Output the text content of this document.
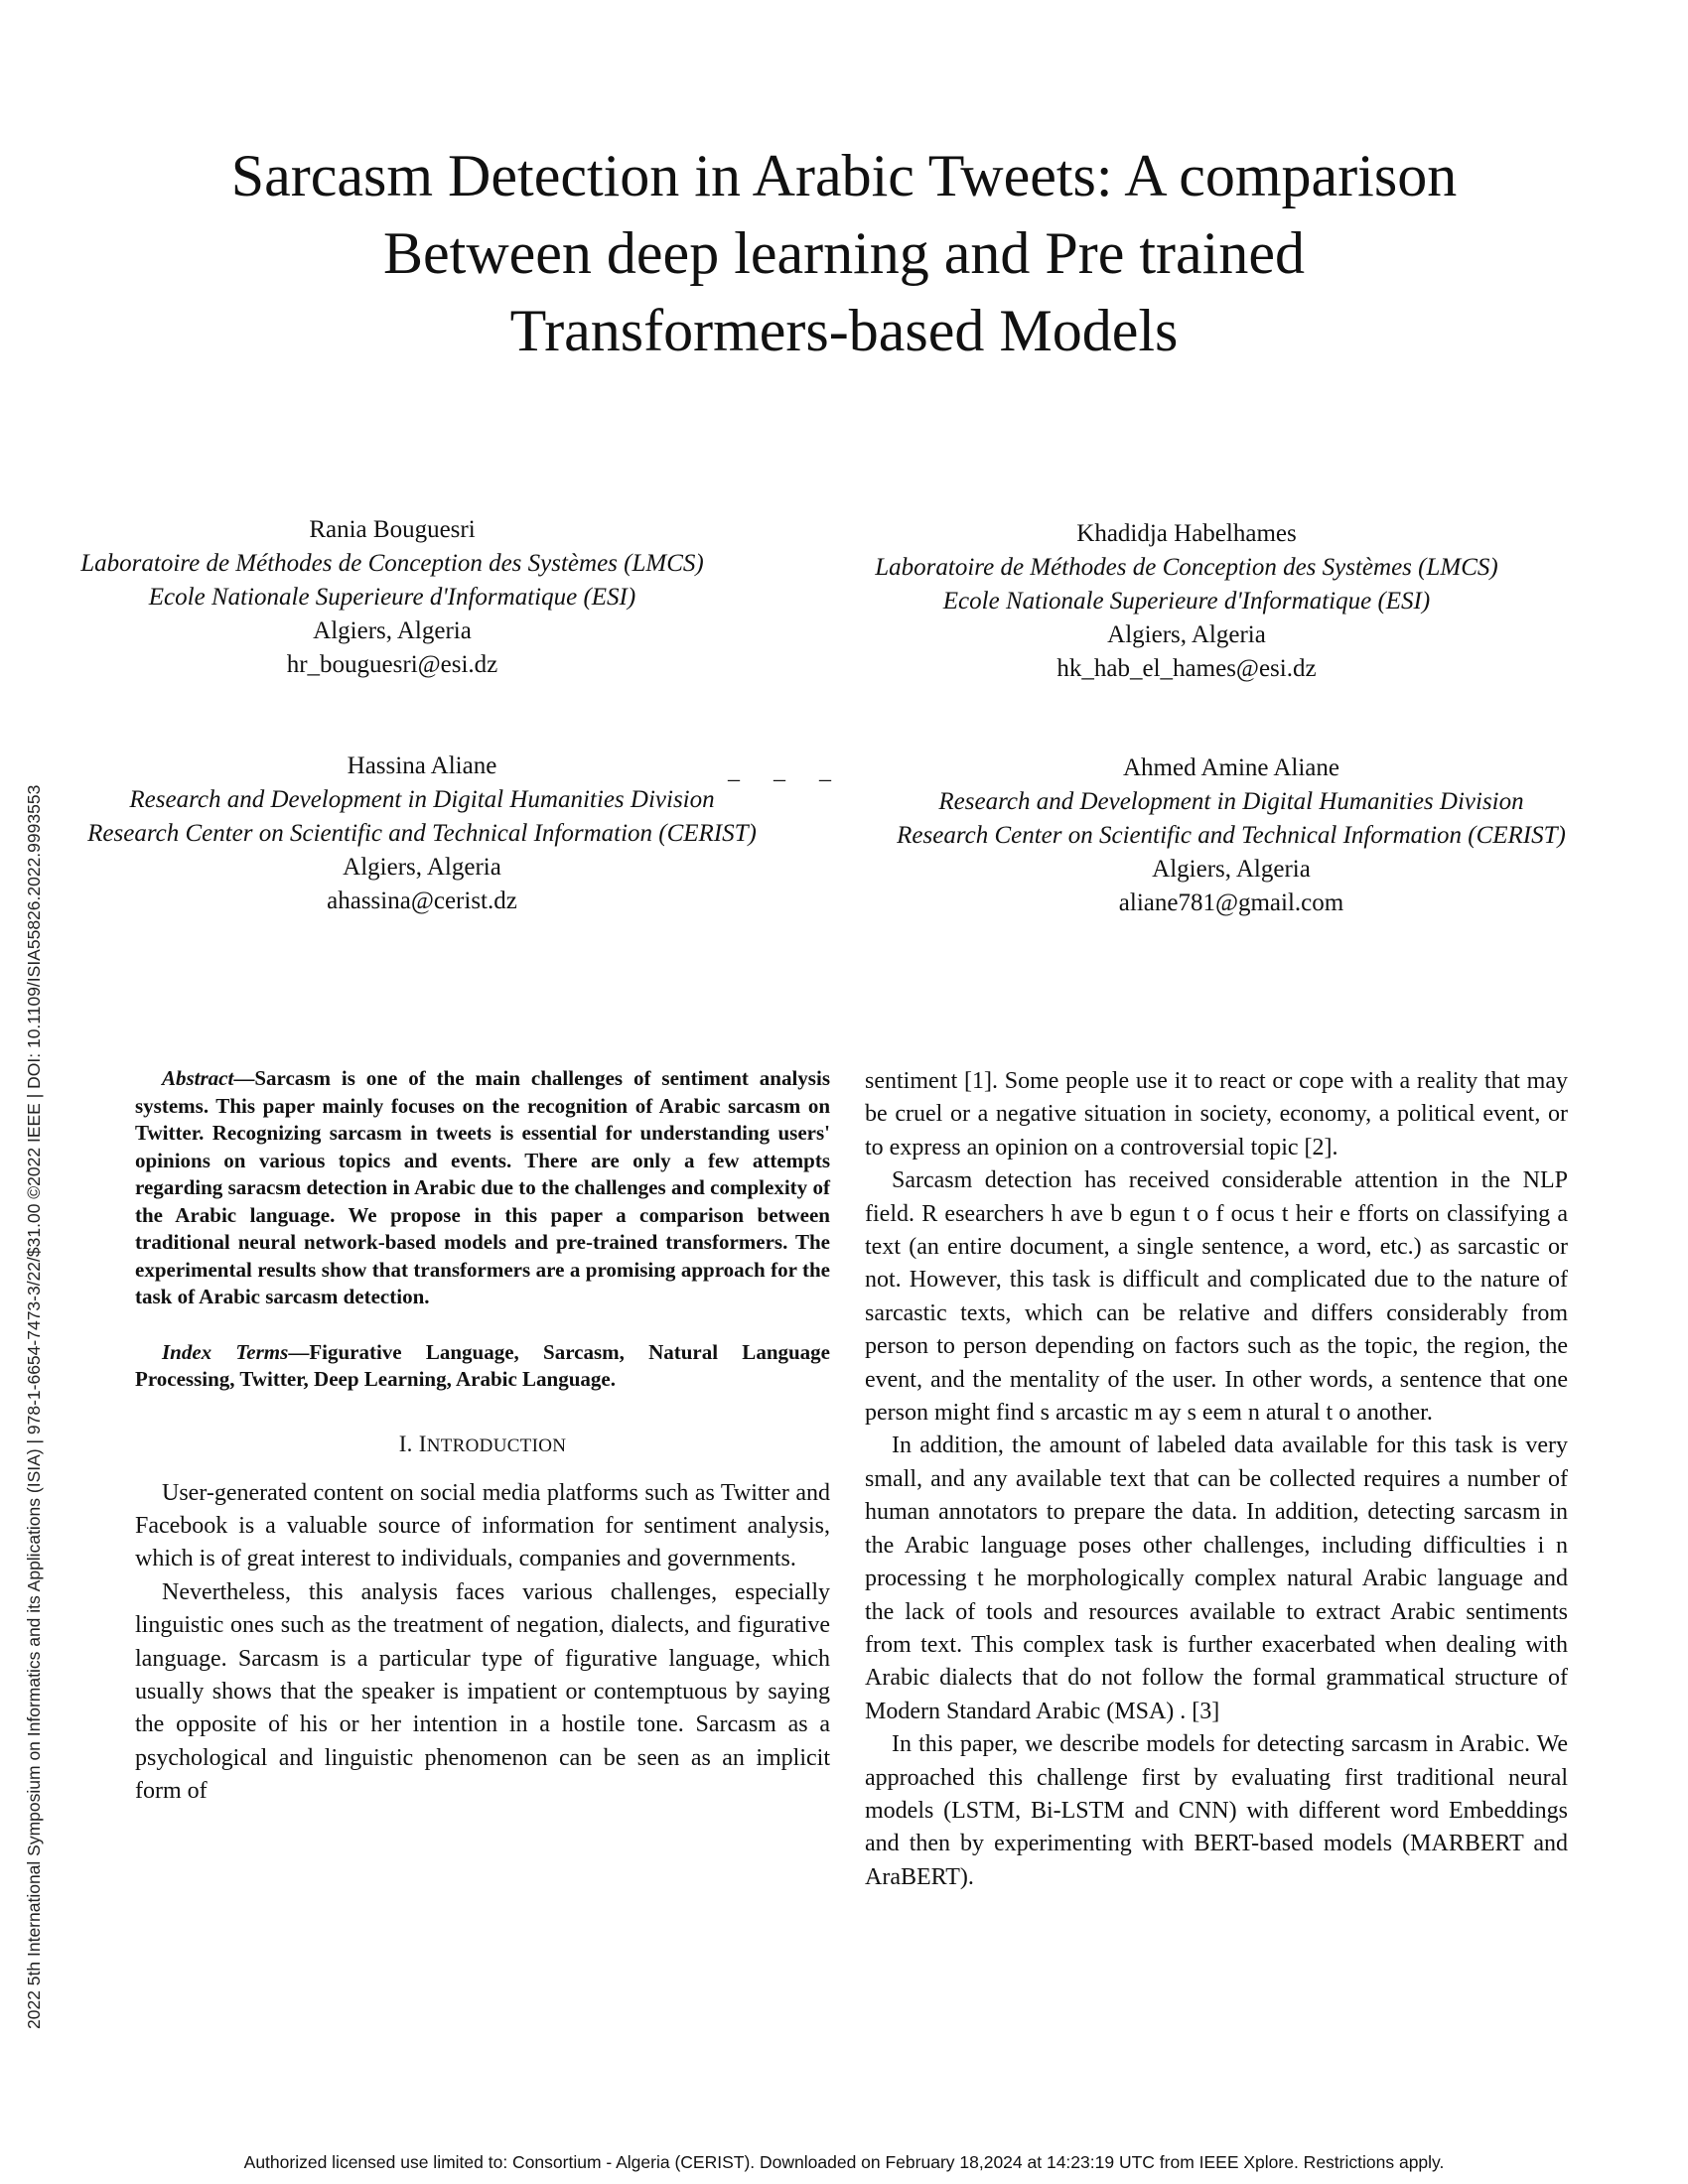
2022 5th International Symposium on Informatics and its Applications (ISIA) | 978-1-6654-7473-3/22/$31.00 ©2022 IEEE | DOI: 10.1109/ISIA55826.2022.9993553
Sarcasm Detection in Arabic Tweets: A comparison
Between deep learning and Pre trained
Transformers-based Models
Rania Bouguesri
Laboratoire de Méthodes de Conception des Systèmes (LMCS)
Ecole Nationale Superieure d'Informatique (ESI)
Algiers, Algeria
hr_bouguesri@esi.dz
Khadidja Habelhames
Laboratoire de Méthodes de Conception des Systèmes (LMCS)
Ecole Nationale Superieure d'Informatique (ESI)
Algiers, Algeria
hk_hab_el_hames@esi.dz
Hassina Aliane
Research and Development in Digital Humanities Division
Research Center on Scientific and Technical Information (CERIST)
Algiers, Algeria
ahassina@cerist.dz
_ _ _	Ahmed Amine Aliane
Research and Development in Digital Humanities Division
Research Center on Scientific and Technical Information (CERIST)
Algiers, Algeria
aliane781@gmail.com

Abstract—Sarcasm is one of the main challenges of sentiment analysis systems. This paper mainly focuses on the recognition of Arabic sarcasm on Twitter. Recognizing sarcasm in tweets is essential for understanding users' opinions on various topics and events. There are only a few attempts regarding saracsm detection in Arabic due to the challenges and complexity of the Arabic language. We propose in this paper a comparison between traditional neural network-based models and pre-trained transformers. The experimental results show that transformers are a promising approach for the task of Arabic sarcasm detection.

Index Terms—Figurative Language, Sarcasm, Natural Language Processing, Twitter, Deep Learning, Arabic Language.

I. INTRODUCTION

User-generated content on social media platforms such as Twitter and Facebook is a valuable source of information for sentiment analysis, which is of great interest to individuals, companies and governments.

Nevertheless, this analysis faces various challenges, especially linguistic ones such as the treatment of negation, dialects, and figurative language. Sarcasm is a particular type of figurative language, which usually shows that the speaker is impatient or contemptuous by saying the opposite of his or her intention in a hostile tone. Sarcasm as a psychological and linguistic phenomenon can be seen as an implicit form of

sentiment [1]. Some people use it to react or cope with a reality that may be cruel or a negative situation in society, economy, a political event, or to express an opinion on a controversial topic [2].

Sarcasm detection has received considerable attention in the NLP field. R esearchers h ave b egun t o f ocus t heir e fforts on classifying a text (an entire document, a single sentence, a word, etc.) as sarcastic or not. However, this task is difficult and complicated due to the nature of sarcastic texts, which can be relative and differs considerably from person to person depending on factors such as the topic, the region, the event, and the mentality of the user. In other words, a sentence that one person might find s arcastic m ay s eem n atural t o another.

In addition, the amount of labeled data available for this task is very small, and any available text that can be collected requires a number of human annotators to prepare the data. In addition, detecting sarcasm in the Arabic language poses other challenges, including difficulties i n processing t he morphologically complex natural Arabic language and the lack of tools and resources available to extract Arabic sentiments from text. This complex task is further exacerbated when dealing with Arabic dialects that do not follow the formal grammatical structure of Modern Standard Arabic (MSA) . [3]

In this paper, we describe models for detecting sarcasm in Arabic. We approached this challenge first by evaluating first traditional neural models (LSTM, Bi-LSTM and CNN) with different word Embeddings and then by experimenting with BERT-based models (MARBERT and AraBERT).

Authorized licensed use limited to: Consortium - Algeria (CERIST). Downloaded on February 18,2024 at 14:23:19 UTC from IEEE Xplore. Restrictions apply.
